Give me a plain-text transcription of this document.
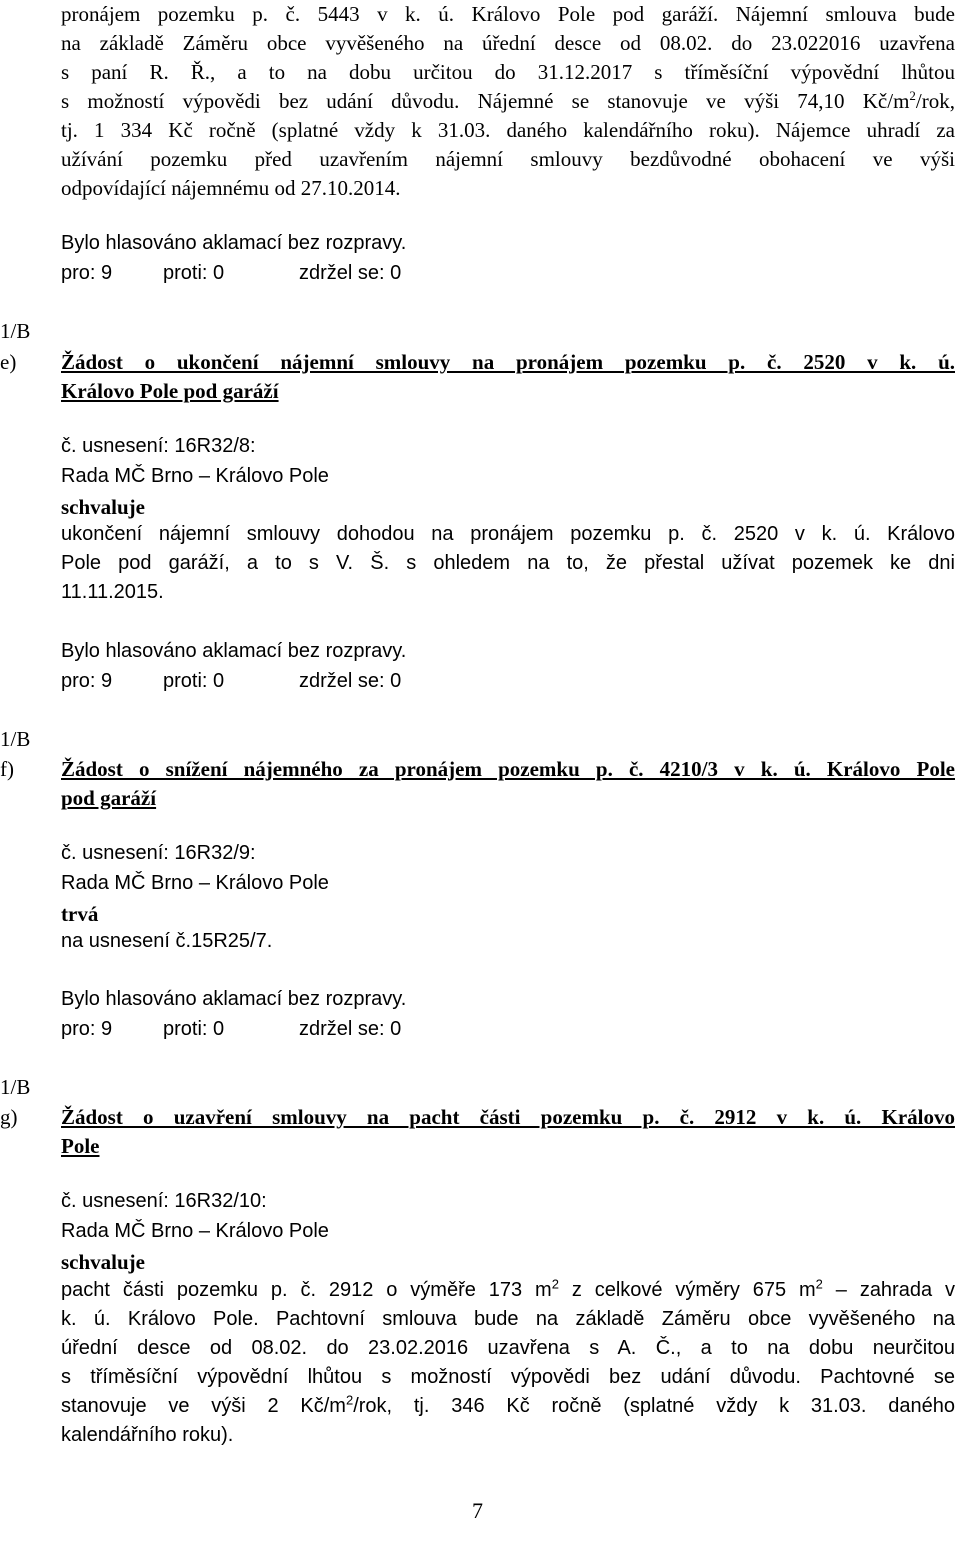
pronájem pozemku p. č. 5443 v k. ú. Královo Pole pod garáží. Nájemní smlouva bude
na základě Záměru obce vyvěšeného na úřední desce od 08.02. do 23.022016 uzavřena
s paní R. Ř., a to na dobu určitou do 31.12.2017 s tříměsíční výpovědní lhůtou
s možností výpovědi bez udání důvodu. Nájemné se stanovuje ve výši 74,10 $Kč/m^2$/rok,
tj. 1 334 Kč ročně (splatné vždy k 31.03. daného kalendářního roku). Nájemce uhradí za
užívání pozemku před uzavřením nájemní smlouvy bezdůvodné obohacení ve výši
odpovídající nájemnému od 27.10.2014.
Bylo hlasováno aklamací bez rozpravy.
pro: 9	proti: 0	zdržel se: 0
1/B
e) Žádost o ukončení nájemní smlouvy na pronájem pozemku p. č. 2520 v k. ú.
Královo Pole pod garáží
č. usnesení: 16R32/8:
Rada MČ Brno – Královo Pole
schvaluje
ukončení nájemní smlouvy dohodou na pronájem pozemku p. č. 2520 v k. ú. Královo
Pole pod garáží, a to s V. Š. s ohledem na to, že přestal užívat pozemek ke dni
11.11.2015.
Bylo hlasováno aklamací bez rozpravy.
pro: 9	proti: 0	zdržel se: 0
1/B
f) Žádost o snížení nájemného za pronájem pozemku p. č. 4210/3 v k. ú. Královo Pole
pod garáží
č. usnesení: 16R32/9:
Rada MČ Brno – Královo Pole
trvá
na usnesení č.15R25/7.
Bylo hlasováno aklamací bez rozpravy.
pro: 9	proti: 0	zdržel se: 0
1/B
g) Žádost o uzavření smlouvy na pacht části pozemku p. č. 2912 v k. ú. Královo
Pole
č. usnesení: 16R32/10:
Rada MČ Brno – Královo Pole
schvaluje
pacht části pozemku p. č. 2912 o výměře 173 $m^2$ z celkové výměry 675 $m^2$ – zahrada v
k. ú. Královo Pole. Pachtovní smlouva bude na základě Záměru obce vyvěšeného na
úřední desce od 08.02. do 23.02.2016 uzavřena s A. Č., a to na dobu neurčitou
s tříměsíční výpovědní lhůtou s možností výpovědi bez udání důvodu. Pachtovné se
stanovuje ve výši 2 $Kč/m^2$/rok, tj. 346 Kč ročně (splatné vždy k 31.03. daného
kalendářního roku).
7
